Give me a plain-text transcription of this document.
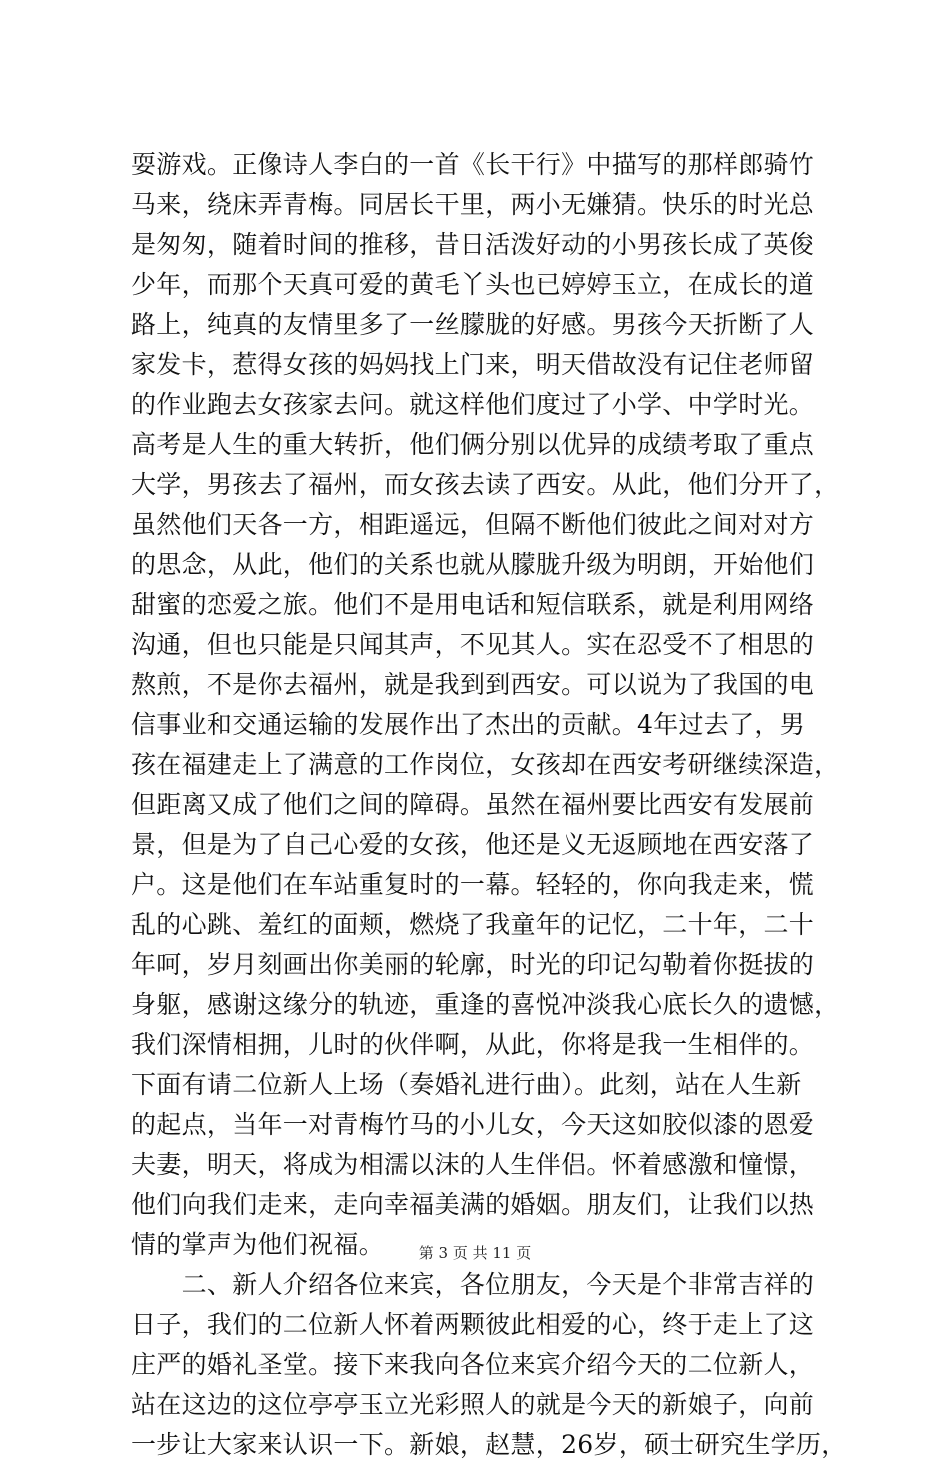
耍游戏。正像诗人李白的一首《长干行》中描写的那样郎骑竹
马来，绕床弄青梅。同居长干里，两小无嫌猜。快乐的时光总
是匆匆，随着时间的推移，昔日活泼好动的小男孩长成了英俊
少年，而那个天真可爱的黄毛丫头也已婷婷玉立，在成长的道
路上，纯真的友情里多了一丝朦胧的好感。男孩今天折断了人
家发卡，惹得女孩的妈妈找上门来，明天借故没有记住老师留
的作业跑去女孩家去问。就这样他们度过了小学、中学时光。
高考是人生的重大转折，他们俩分别以优异的成绩考取了重点
大学，男孩去了福州，而女孩去读了西安。从此，他们分开了，
虽然他们天各一方，相距遥远，但隔不断他们彼此之间对对方
的思念，从此，他们的关系也就从朦胧升级为明朗，开始他们
甜蜜的恋爱之旅。他们不是用电话和短信联系，就是利用网络
沟通，但也只能是只闻其声，不见其人。实在忍受不了相思的
熬煎，不是你去福州，就是我到到西安。可以说为了我国的电
信事业和交通运输的发展作出了杰出的贡献。4年过去了，男
孩在福建走上了满意的工作岗位，女孩却在西安考研继续深造，
但距离又成了他们之间的障碍。虽然在福州要比西安有发展前
景，但是为了自己心爱的女孩，他还是义无返顾地在西安落了
户。这是他们在车站重复时的一幕。轻轻的，你向我走来，慌
乱的心跳、羞红的面颊，燃烧了我童年的记忆，二十年，二十
年呵，岁月刻画出你美丽的轮廓，时光的印记勾勒着你挺拔的
身躯，感谢这缘分的轨迹，重逢的喜悦冲淡我心底长久的遗憾，
我们深情相拥，儿时的伙伴啊，从此，你将是我一生相伴的。
下面有请二位新人上场（奏婚礼进行曲）。此刻，站在人生新
的起点，当年一对青梅竹马的小儿女，今天这如胶似漆的恩爱
夫妻，明天，将成为相濡以沫的人生伴侣。怀着感激和憧憬，
他们向我们走来，走向幸福美满的婚姻。朋友们，让我们以热
情的掌声为他们祝福。
　　二、新人介绍各位来宾，各位朋友，今天是个非常吉祥的
日子，我们的二位新人怀着两颗彼此相爱的心，终于走上了这
庄严的婚礼圣堂。接下来我向各位来宾介绍今天的二位新人，
站在这边的这位亭亭玉立光彩照人的就是今天的新娘子，向前
一步让大家来认识一下。新娘，赵慧，26岁，硕士研究生学历，
第 3 页 共 11 页
